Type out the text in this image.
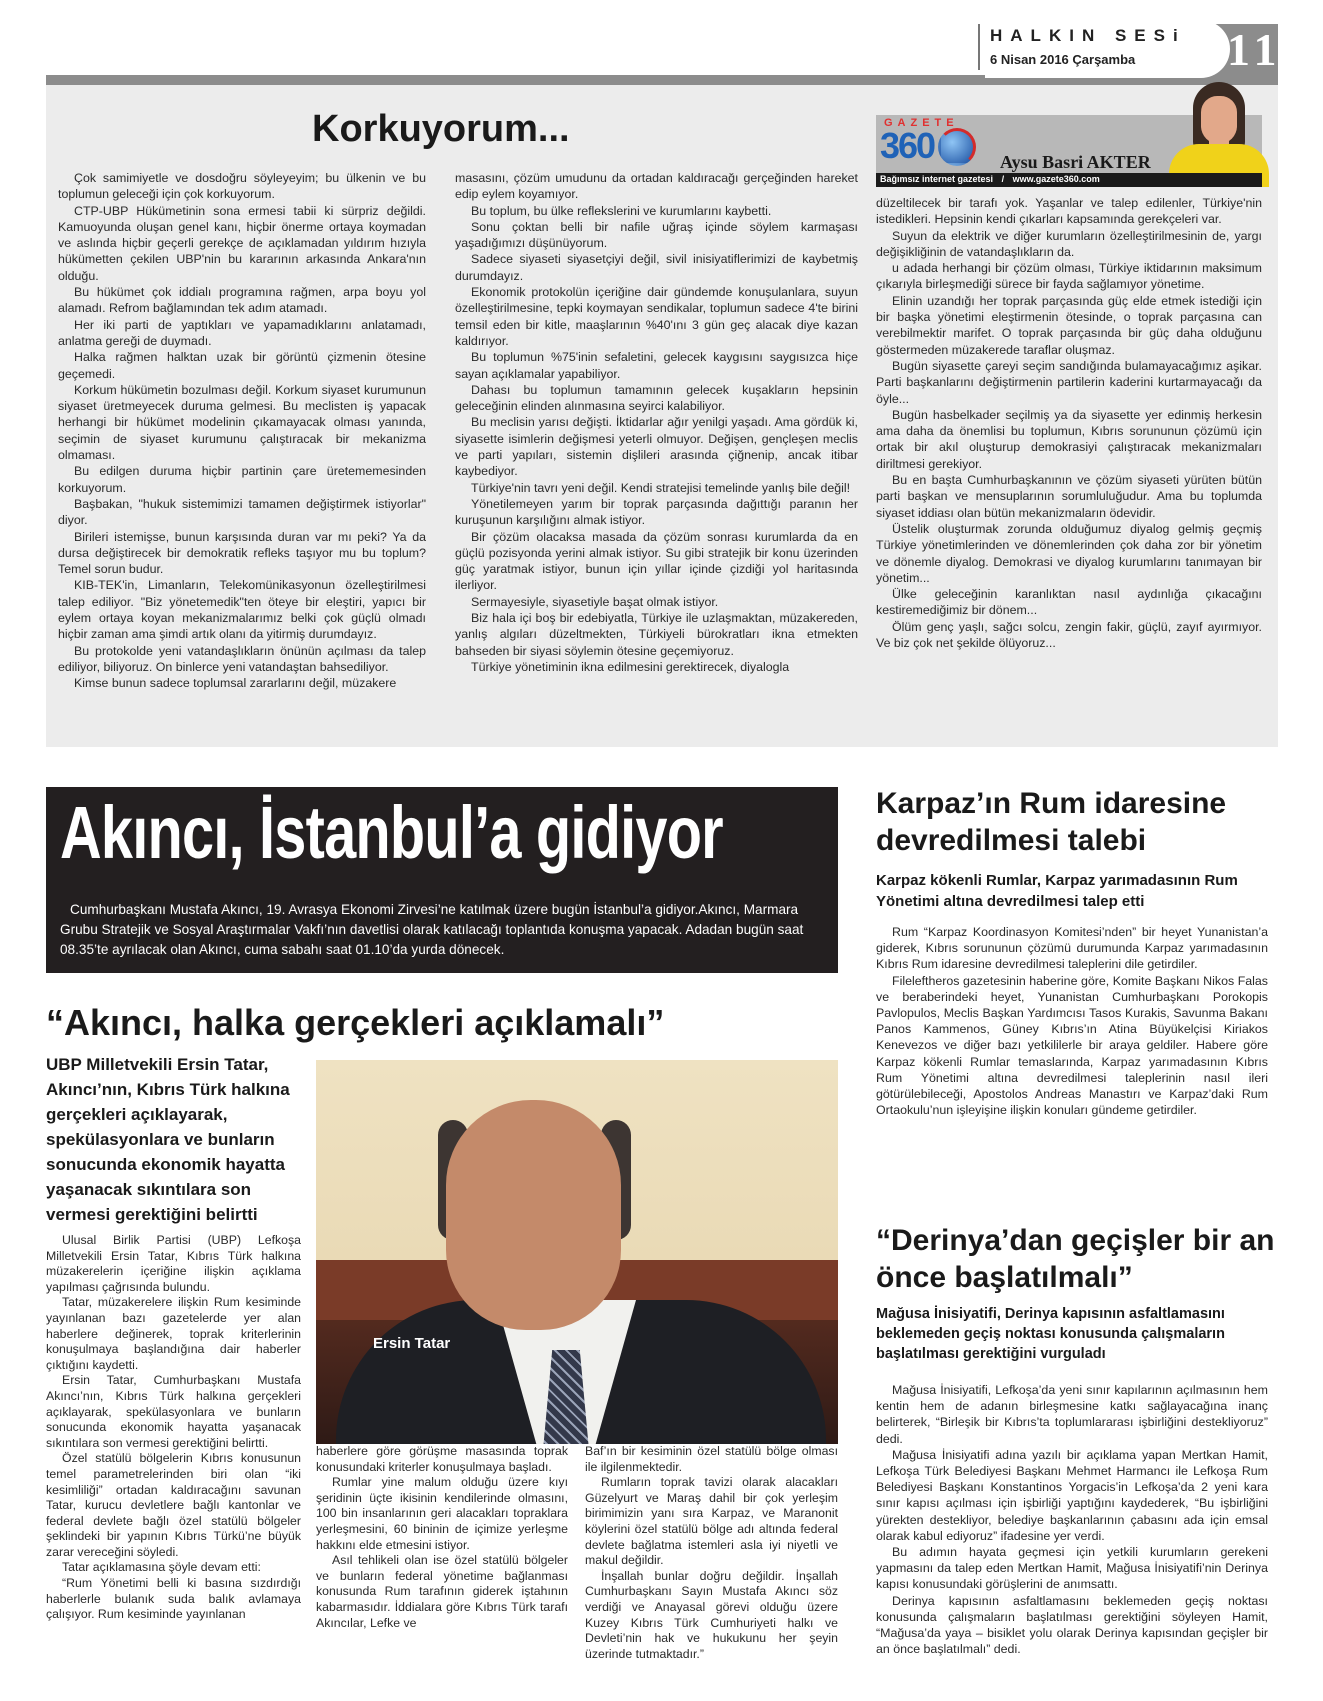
HALKIN SESi
6 Nisan 2016 Çarşamba 11
Korkuyorum...	GAZETE
360	Aysu Basri AKTER
Bağımsız internet gazetesi / www.gazete360.com

Çok samimiyetle ve dosdoğru söyleyeyim; bu ülkenin ve bu toplumun geleceği için çok korkuyorum.

CTP-UBP Hükümetinin sona ermesi tabii ki sürpriz değildi. Kamuoyunda oluşan genel kanı, hiçbir önerme ortaya koymadan ve aslında hiçbir geçerli gerekçe de açıklamadan yıldırım hızıyla hükümetten çekilen UBP'nin bu kararının arkasında Ankara'nın olduğu.

Bu hükümet çok iddialı programına rağmen, arpa boyu yol alamadı. Refrom bağlamından tek adım atamadı.

Her iki parti de yaptıkları ve yapamadıklarını anlatamadı, anlatma gereği de duymadı.

Halka rağmen halktan uzak bir görüntü çizmenin ötesine geçemedi.

Korkum hükümetin bozulması değil. Korkum siyaset kurumunun siyaset üretmeyecek duruma gelmesi. Bu meclisten iş yapacak herhangi bir hükümet modelinin çıkamayacak olması yanında, seçimin de siyaset kurumunu çalıştıracak bir mekanizma olmaması.

Bu edilgen duruma hiçbir partinin çare üretememesinden korkuyorum.

Başbakan, "hukuk sistemimizi tamamen değiştirmek istiyorlar" diyor.

Birileri istemişse, bunun karşısında duran var mı peki? Ya da dursa değiştirecek bir demokratik refleks taşıyor mu bu toplum? Temel sorun budur.

KIB-TEK'in, Limanların, Telekomünikasyonun özelleştirilmesi talep ediliyor. "Biz yönetemedik"ten öteye bir eleştiri, yapıcı bir eylem ortaya koyan mekanizmalarımız belki çok güçlü olmadı hiçbir zaman ama şimdi artık olanı da yitirmiş durumdayız.

Bu protokolde yeni vatandaşlıkların önünün açılması da talep ediliyor, biliyoruz. On binlerce yeni vatandaştan bahsediliyor.

Kimse bunun sadece toplumsal zararlarını değil, müzakere

masasını, çözüm umudunu da ortadan kaldıracağı gerçeğinden hareket edip eylem koyamıyor.

Bu toplum, bu ülke reflekslerini ve kurumlarını kaybetti.

Sonu çoktan belli bir nafile uğraş içinde söylem karmaşası yaşadığımızı düşünüyorum.

Sadece siyaseti siyasetçiyi değil, sivil inisiyatiflerimizi de kaybetmiş durumdayız.

Ekonomik protokolün içeriğine dair gündemde konuşulanlara, suyun özelleştirilmesine, tepki koymayan sendikalar, toplumun sadece 4'te birini temsil eden bir kitle, maaşlarının %40'ını 3 gün geç alacak diye kazan kaldırıyor.

Bu toplumun %75'inin sefaletini, gelecek kaygısını saygısızca hiçe sayan açıklamalar yapabiliyor.

Dahası bu toplumun tamamının gelecek kuşakların hepsinin geleceğinin elinden alınmasına seyirci kalabiliyor.

Bu meclisin yarısı değişti. İktidarlar ağır yenilgi yaşadı. Ama gördük ki, siyasette isimlerin değişmesi yeterli olmuyor. Değişen, gençleşen meclis ve parti yapıları, sistemin dişlileri arasında çiğnenip, ancak itibar kaybediyor.

Türkiye'nin tavrı yeni değil. Kendi stratejisi temelinde yanlış bile değil!

Yönetilemeyen yarım bir toprak parçasında dağıttığı paranın her kuruşunun karşılığını almak istiyor.

Bir çözüm olacaksa masada da çözüm sonrası kurumlarda da en güçlü pozisyonda yerini almak istiyor. Su gibi stratejik bir konu üzerinden güç yaratmak istiyor, bunun için yıllar içinde çizdiği yol haritasında ilerliyor.

Sermayesiyle, siyasetiyle başat olmak istiyor.

Biz hala içi boş bir edebiyatla, Türkiye ile uzlaşmaktan, müzakereden, yanlış algıları düzeltmekten, Türkiyeli bürokratları ikna etmekten bahseden bir siyasi söylemin ötesine geçemiyoruz.

Türkiye yönetiminin ikna edilmesini gerektirecek, diyalogla

düzeltilecek bir tarafı yok. Yaşanlar ve talep edilenler, Türkiye'nin istedikleri. Hepsinin kendi çıkarları kapsamında gerekçeleri var.

Suyun da elektrik ve diğer kurumların özelleştirilmesinin de, yargı değişikliğinin de vatandaşlıkların da.

u adada herhangi bir çözüm olması, Türkiye iktidarının maksimum çıkarıyla birleşmediği sürece bir fayda sağlamıyor yönetime.

Elinin uzandığı her toprak parçasında güç elde etmek istediği için bir başka yönetimi eleştirmenin ötesinde, o toprak parçasına can verebilmektir marifet. O toprak parçasında bir güç daha olduğunu göstermeden müzakerede taraflar oluşmaz.

Bugün siyasette çareyi seçim sandığında bulamayacağımız aşikar. Parti başkanlarını değiştirmenin partilerin kaderini kurtarmayacağı da öyle...

Bugün hasbelkader seçilmiş ya da siyasette yer edinmiş herkesin ama daha da önemlisi bu toplumun, Kıbrıs sorununun çözümü için ortak bir akıl oluşturup demokrasiyi çalıştıracak mekanizmaları diriltmesi gerekiyor.

Bu en başta Cumhurbaşkanının ve çözüm siyaseti yürüten bütün parti başkan ve mensuplarının sorumluluğudur. Ama bu toplumda siyaset iddiası olan bütün mekanizmaların ödevidir.

Üstelik oluşturmak zorunda olduğumuz diyalog gelmiş geçmiş Türkiye yönetimlerinden ve dönemlerinden çok daha zor bir yönetim ve dönemle diyalog. Demokrasi ve diyalog kurumlarını tanımayan bir yönetim...

Ülke geleceğinin karanlıktan nasıl aydınlığa çıkacağını kestiremediğimiz bir dönem...

Ölüm genç yaşlı, sağcı solcu, zengin fakir, güçlü, zayıf ayırmıyor. Ve biz çok net şekilde ölüyoruz...

Akıncı, İstanbul’a gidiyor

Cumhurbaşkanı Mustafa Akıncı, 19. Avrasya Ekonomi Zirvesi’ne katılmak üzere bugün İstanbul’a gidiyor.Akıncı, Marmara Grubu Stratejik ve Sosyal Araştırmalar Vakfı’nın davetlisi olarak katılacağı toplantıda konuşma yapacak. Adadan bugün saat 08.35’te ayrılacak olan Akıncı, cuma sabahı saat 01.10’da yurda dönecek.

“Akıncı, halka gerçekleri açıklamalı”
UBP Milletvekili Ersin Tatar, Akıncı’nın, Kıbrıs Türk halkına gerçekleri açıklayarak, spekülasyonlara ve bunların sonucunda ekonomik hayatta yaşanacak sıkıntılara son vermesi gerektiğini belirtti
Ersin Tatar

Ulusal Birlik Partisi (UBP) Lefkoşa Milletvekili Ersin Tatar, Kıbrıs Türk halkına müzakerelerin içeriğine ilişkin açıklama yapılması çağrısında bulundu.

Tatar, müzakerelere ilişkin Rum kesiminde yayınlanan bazı gazetelerde yer alan haberlere değinerek, toprak kriterlerinin konuşulmaya başlandığına dair haberler çıktığını kaydetti.

Ersin Tatar, Cumhurbaşkanı Mustafa Akıncı’nın, Kıbrıs Türk halkına gerçekleri açıklayarak, spekülasyonlara ve bunların sonucunda ekonomik hayatta yaşanacak sıkıntılara son vermesi gerektiğini belirtti.

Özel statülü bölgelerin Kıbrıs konusunun temel parametrelerinden biri olan “iki kesimliliği” ortadan kaldıracağını savunan Tatar, kurucu devletlere bağlı kantonlar ve federal devlete bağlı özel statülü bölgeler şeklindeki bir yapının Kıbrıs Türkü’ne büyük zarar vereceğini söyledi.

Tatar açıklamasına şöyle devam etti:

“Rum Yönetimi belli ki basına sızdırdığı haberlerle bulanık suda balık avlamaya çalışıyor. Rum kesiminde yayınlanan

haberlere göre görüşme masasında toprak konusundaki kriterler konuşulmaya başladı.

Rumlar yine malum olduğu üzere kıyı şeridinin üçte ikisinin kendilerinde olmasını, 100 bin insanlarının geri alacakları topraklara yerleşmesini, 60 bininin de içimize yerleşme hakkını elde etmesini istiyor.

Asıl tehlikeli olan ise özel statülü bölgeler ve bunların federal yönetime bağlanması konusunda Rum tarafının giderek iştahının kabarmasıdır. İddialara göre Kıbrıs Türk tarafı Akıncılar, Lefke ve

Baf’ın bir kesiminin özel statülü bölge olması ile ilgilenmektedir.

Rumların toprak tavizi olarak alacakları Güzelyurt ve Maraş dahil bir çok yerleşim birimimizin yanı sıra Karpaz, ve Maranonit köylerini özel statülü bölge adı altında federal devlete bağlatma istemleri asla iyi niyetli ve makul değildir.

İnşallah bunlar doğru değildir. İnşallah Cumhurbaşkanı Sayın Mustafa Akıncı söz verdiği ve Anayasal görevi olduğu üzere Kuzey Kıbrıs Türk Cumhuriyeti halkı ve Devleti’nin hak ve hukukunu her şeyin üzerinde tutmaktadır.”

Karpaz’ın Rum idaresine devredilmesi talebi
Karpaz kökenli Rumlar, Karpaz yarımadasının Rum Yönetimi altına devredilmesi talep etti

Rum “Karpaz Koordinasyon Komitesi’nden” bir heyet Yunanistan’a giderek, Kıbrıs sorununun çözümü durumunda Karpaz yarımadasının Kıbrıs Rum idaresine devredilmesi taleplerini dile getirdiler.

Fileleftheros gazetesinin haberine göre, Komite Başkanı Nikos Falas ve beraberindeki heyet, Yunanistan Cumhurbaşkanı Porokopis Pavlopulos, Meclis Başkan Yardımcısı Tasos Kurakis, Savunma Bakanı Panos Kammenos, Güney Kıbrıs’ın Atina Büyükelçisi Kiriakos Kenevezos ve diğer bazı yetkililerle bir araya geldiler. Habere göre Karpaz kökenli Rumlar temaslarında, Karpaz yarımadasının Kıbrıs Rum Yönetimi altına devredilmesi taleplerinin nasıl ileri götürülebileceği, Apostolos Andreas Manastırı ve Karpaz’daki Rum Ortaokulu’nun işleyişine ilişkin konuları gündeme getirdiler.

“Derinya’dan geçişler bir an önce başlatılmalı”
Mağusa İnisiyatifi, Derinya kapısının asfaltlamasını beklemeden geçiş noktası konusunda çalışmaların başlatılması gerektiğini vurguladı

Mağusa İnisiyatifi, Lefkoşa’da yeni sınır kapılarının açılmasının hem kentin hem de adanın birleşmesine katkı sağlayacağına inanç belirterek, “Birleşik bir Kıbrıs’ta toplumlararası işbirliğini destekliyoruz” dedi.

Mağusa İnisiyatifi adına yazılı bir açıklama yapan Mertkan Hamit, Lefkoşa Türk Belediyesi Başkanı Mehmet Harmancı ile Lefkoşa Rum Belediyesi Başkanı Konstantinos Yorgacis’in Lefkoşa’da 2 yeni kara sınır kapısı açılması için işbirliği yaptığını kaydederek, “Bu işbirliğini yürekten destekliyor, belediye başkanlarının çabasını ada için emsal olarak kabul ediyoruz” ifadesine yer verdi.

Bu adımın hayata geçmesi için yetkili kurumların gerekeni yapmasını da talep eden Mertkan Hamit, Mağusa İnisiyatifi’nin Derinya kapısı konusundaki görüşlerini de anımsattı.

Derinya kapısının asfaltlamasını beklemeden geçiş noktası konusunda çalışmaların başlatılması gerektiğini söyleyen Hamit, “Mağusa’da yaya – bisiklet yolu olarak Derinya kapısından geçişler bir an önce başlatılmalı” dedi.
